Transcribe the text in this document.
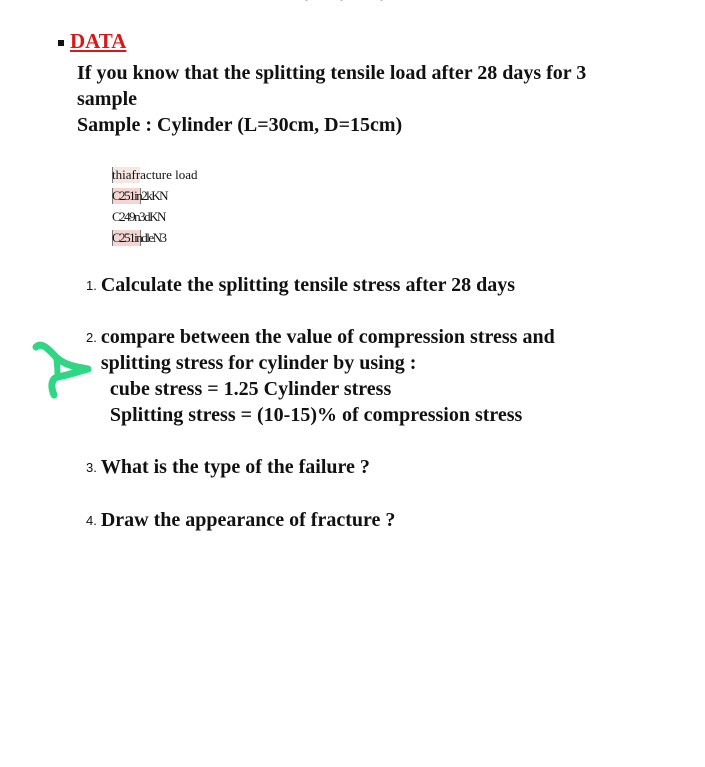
DATA
If you know that the splitting tensile load after 28 days for 3
sample
Sample : Cylinder (L=30cm, D=15cm)
thiafracture load
C251in2kKN
C249n3dKN
C251indleN3
1. Calculate the splitting tensile stress after 28 days
2. compare between the value of compression stress and
splitting stress for cylinder by using :
cube stress = 1.25 Cylinder stress
Splitting stress = (10-15)% of compression stress
3. What is the type of the failure ?
4. Draw the appearance of fracture ?
